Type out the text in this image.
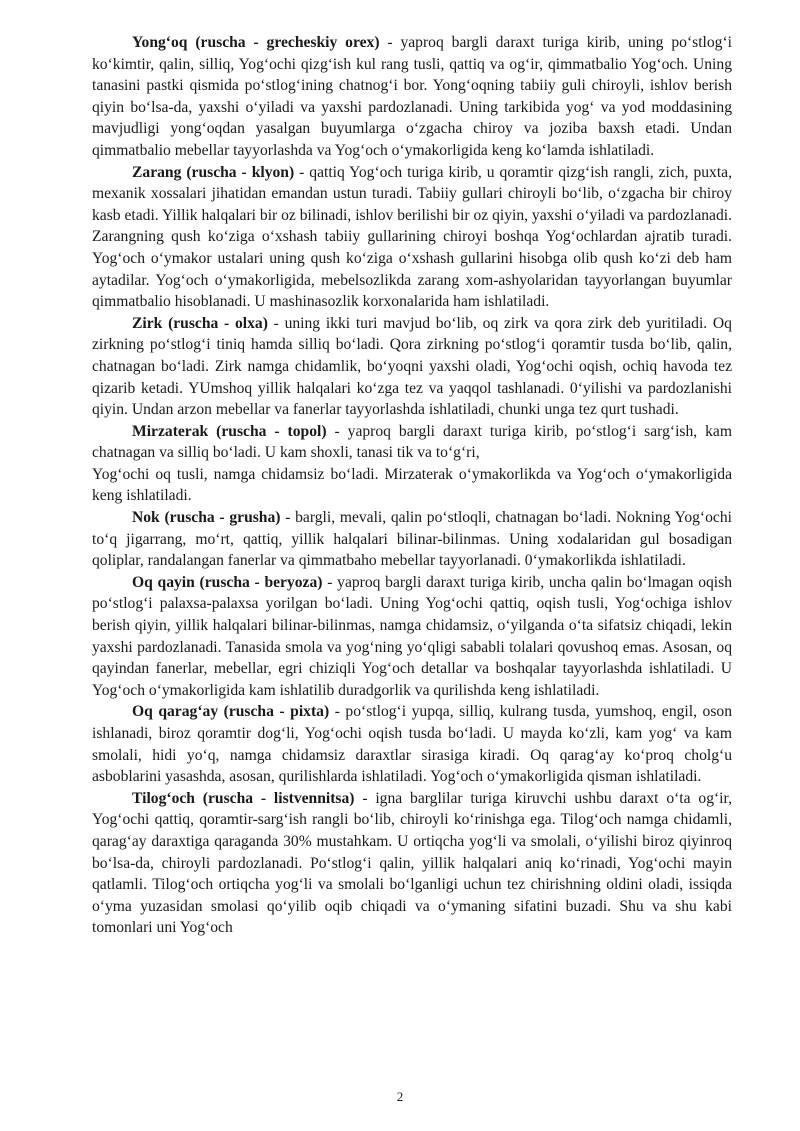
Yong‘oq (ruscha - grecheskiy orex) - yaproq bargli daraxt turiga kirib, uning po‘stlog‘i ko‘kimtir, qalin, silliq, Yog‘ochi qizg‘ish kul rang tusli, qattiq va og‘ir, qimmatbalio Yog‘och. Uning tanasini pastki qismida po‘stlog‘ining chatnog‘i bor. Yong‘oqning tabiiy guli chiroyli, ishlov berish qiyin bo‘lsa-da, yaxshi o‘yiladi va yaxshi pardozlanadi. Uning tarkibida yog‘ va yod moddasining mavjudligi yong‘oqdan yasalgan buyumlarga o‘zgacha chiroy va joziba baxsh etadi. Undan qimmatbalio mebellar tayyorlashda va Yog‘och o‘ymakorligida keng ko‘lamda ishlatiladi.

Zarang (ruscha - klyon) - qattiq Yog‘och turiga kirib, u qoramtir qizg‘ish rangli, zich, puxta, mexanik xossalari jihatidan emandan ustun turadi. Tabiiy gullari chiroyli bo‘lib, o‘zgacha bir chiroy kasb etadi. Yillik halqalari bir oz bilinadi, ishlov berilishi bir oz qiyin, yaxshi o‘yiladi va pardozlanadi. Zarangning qush ko‘ziga o‘xshash tabiiy gullarining chiroyi boshqa Yog‘ochlardan ajratib turadi. Yog‘och o‘ymakor ustalari uning qush ko‘ziga o‘xshash gullarini hisobga olib qush ko‘zi deb ham aytadilar. Yog‘och o‘ymakorligida, mebelsozlikda zarang xom-ashyolaridan tayyorlangan buyumlar qimmatbalio hisoblanadi. U mashinasozlik korxonalarida ham ishlatiladi.

Zirk (ruscha - olxa) - uning ikki turi mavjud bo‘lib, oq zirk va qora zirk deb yuritiladi. Oq zirkning po‘stlog‘i tiniq hamda silliq bo‘ladi. Qora zirkning po‘stlog‘i qoramtir tusda bo‘lib, qalin, chatnagan bo‘ladi. Zirk namga chidamlik, bo‘yoqni yaxshi oladi, Yog‘ochi oqish, ochiq havoda tez qizarib ketadi. YUmshoq yillik halqalari ko‘zga tez va yaqqol tashlanadi. 0‘yilishi va pardozlanishi qiyin. Undan arzon mebellar va fanerlar tayyorlashda ishlatiladi, chunki unga tez qurt tushadi.

Mirzaterak (ruscha - topol) - yaproq bargli daraxt turiga kirib, po‘stlog‘i sarg‘ish, kam chatnagan va silliq bo‘ladi. U kam shoxli, tanasi tik va to‘g‘ri,

Yog‘ochi oq tusli, namga chidamsiz bo‘ladi. Mirzaterak o‘ymakorlikda va Yog‘och o‘ymakorligida keng ishlatiladi.

Nok (ruscha - grusha) - bargli, mevali, qalin po‘stloqli, chatnagan bo‘ladi. Nokning Yog‘ochi to‘q jigarrang, mo‘rt, qattiq, yillik halqalari bilinar-bilinmas. Uning xodalaridan gul bosadigan qoliplar, randalangan fanerlar va qimmatbaho mebellar tayyorlanadi. 0‘ymakorlikda ishlatiladi.

Oq qayin (ruscha - beryoza) - yaproq bargli daraxt turiga kirib, uncha qalin bo‘lmagan oqish po‘stlog‘i palaxsa-palaxsa yorilgan bo‘ladi. Uning Yog‘ochi qattiq, oqish tusli, Yog‘ochiga ishlov berish qiyin, yillik halqalari bilinar-bilinmas, namga chidamsiz, o‘yilganda o‘ta sifatsiz chiqadi, lekin yaxshi pardozlanadi. Tanasida smola va yog‘ning yo‘qligi sababli tolalari qovushoq emas. Asosan, oq qayindan fanerlar, mebellar, egri chiziqli Yog‘och detallar va boshqalar tayyorlashda ishlatiladi. U Yog‘och o‘ymakorligida kam ishlatilib duradgorlik va qurilishda keng ishlatiladi.

Oq qarag‘ay (ruscha - pixta) - po‘stlog‘i yupqa, silliq, kulrang tusda, yumshoq, engil, oson ishlanadi, biroz qoramtir dog‘li, Yog‘ochi oqish tusda bo‘ladi. U mayda ko‘zli, kam yog‘ va kam smolali, hidi yo‘q, namga chidamsiz daraxtlar sirasiga kiradi. Oq qarag‘ay ko‘proq cholg‘u asboblarini yasashda, asosan, qurilishlarda ishlatiladi. Yog‘och o‘ymakorligida qisman ishlatiladi.

Tilog‘och (ruscha - listvennitsa) - igna barglilar turiga kiruvchi ushbu daraxt o‘ta og‘ir, Yog‘ochi qattiq, qoramtir-sarg‘ish rangli bo‘lib, chiroyli ko‘rinishga ega. Tilog‘och namga chidamli, qarag‘ay daraxtiga qaraganda 30% mustahkam. U ortiqcha yog‘li va smolali, o‘yilishi biroz qiyinroq bo‘lsa-da, chiroyli pardozlanadi. Po‘stlog‘i qalin, yillik halqalari aniq ko‘rinadi, Yog‘ochi mayin qatlamli. Tilog‘och ortiqcha yog‘li va smolali bo‘lganligi uchun tez chirishning oldini oladi, issiqda o‘yma yuzasidan smolasi qo‘yilib oqib chiqadi va o‘ymaning sifatini buzadi. Shu va shu kabi tomonlari uni Yog‘och

2
